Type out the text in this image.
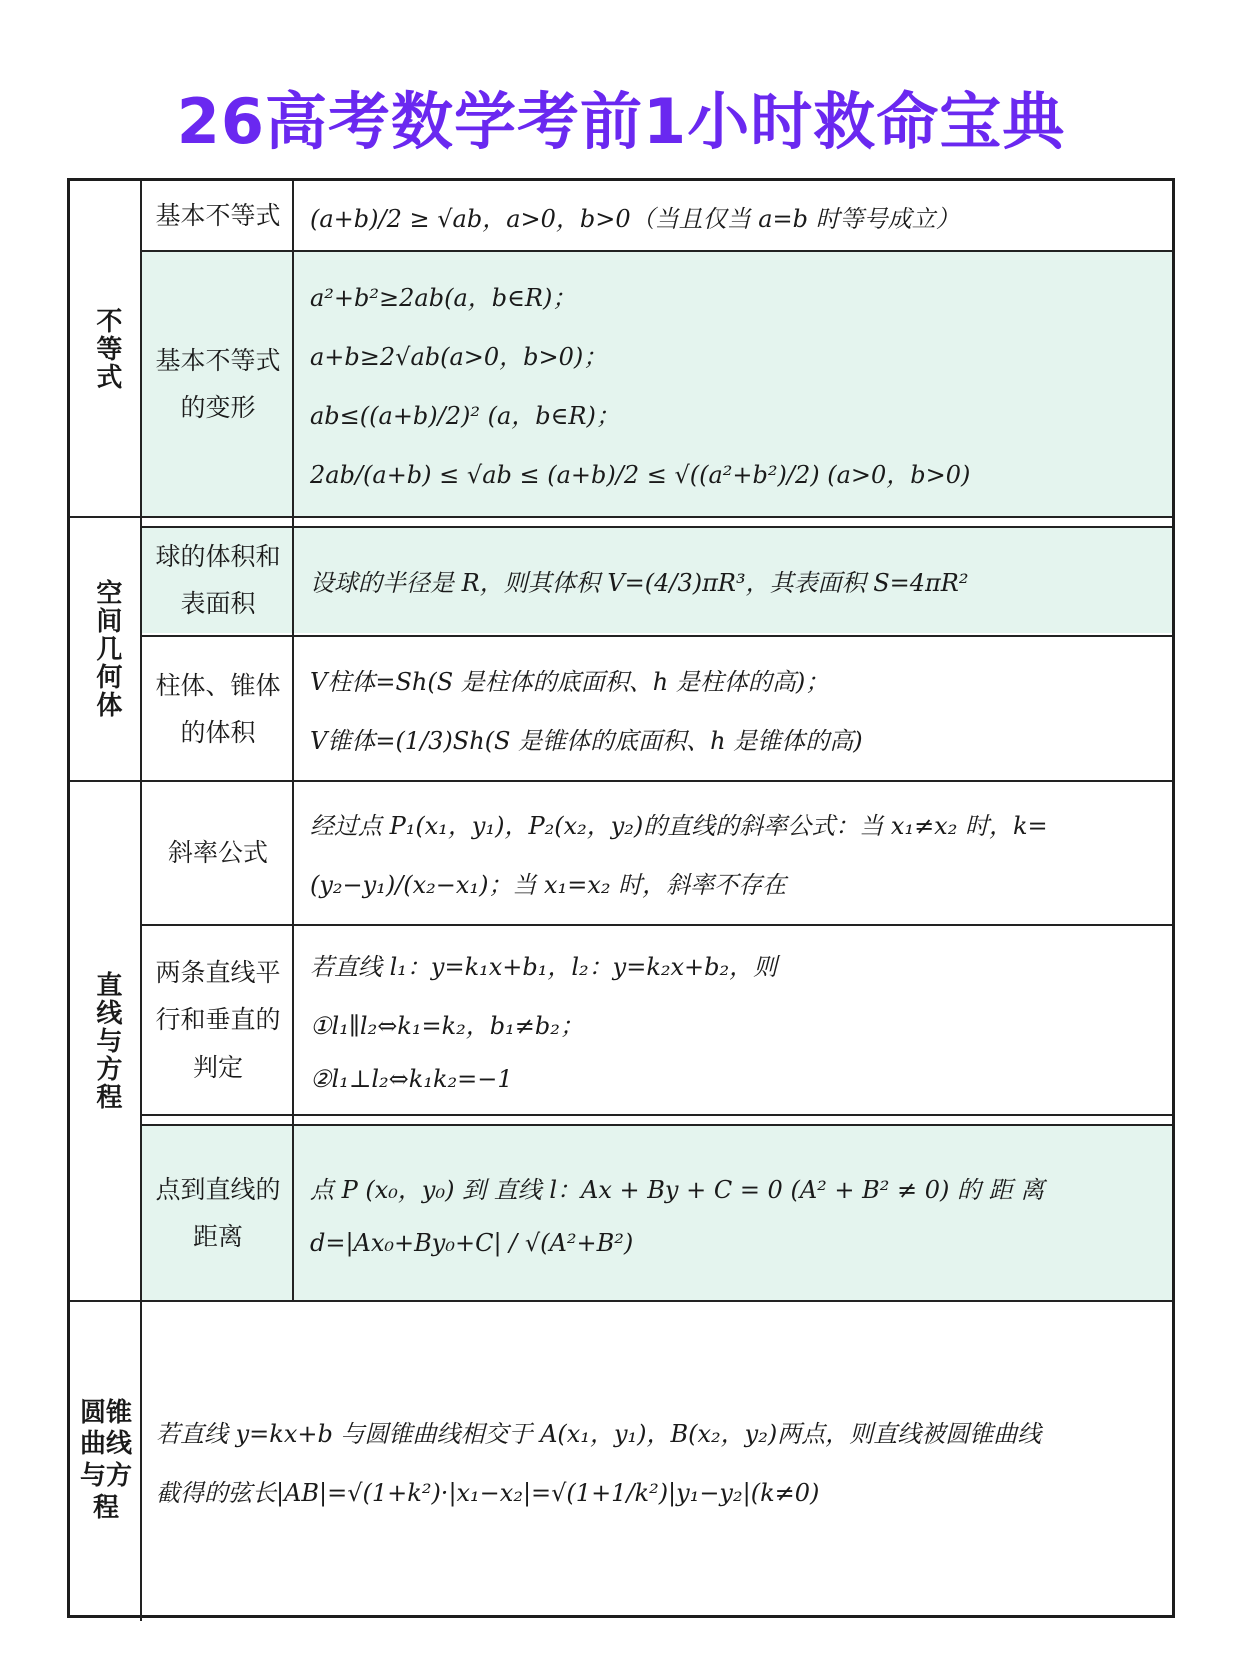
26高考数学考前1小时救命宝典
不等式
空间几何体
直线与方程
圆锥曲线与方程
基本不等式 (a+b)/2 ≥ √ab，a>0，b>0（当且仅当 a=b 时等号成立）
基本不等式的变形
a²+b²≥2ab(a，b∈R)；
a+b≥2√ab(a>0，b>0)；
ab≤((a+b)/2)² (a，b∈R)；
2ab/(a+b) ≤ √ab ≤ (a+b)/2 ≤ √((a²+b²)/2) (a>0，b>0)
球的体积和表面积
设球的半径是 R，则其体积 V=(4/3)πR³，其表面积 S=4πR²
柱体、锥体的体积
V柱体=Sh(S 是柱体的底面积、h 是柱体的高)；
V锥体=(1/3)Sh(S 是锥体的底面积、h 是锥体的高)
斜率公式
经过点 P₁(x₁，y₁)，P₂(x₂，y₂)的直线的斜率公式：当 x₁≠x₂ 时，k=
(y₂−y₁)/(x₂−x₁)；当 x₁=x₂ 时，斜率不存在
两条直线平行和垂直的判定
若直线 l₁：y=k₁x+b₁，l₂：y=k₂x+b₂，则
①l₁∥l₂⇔k₁=k₂，b₁≠b₂；
②l₁⊥l₂⇔k₁k₂=−1
点到直线的距离
点 P (x₀，y₀) 到 直线 l：Ax + By + C = 0 (A² + B² ≠ 0) 的 距 离
d=|Ax₀+By₀+C| / √(A²+B²)
若直线 y=kx+b 与圆锥曲线相交于 A(x₁，y₁)，B(x₂，y₂)两点，则直线被圆锥曲线
截得的弦长|AB|=√(1+k²)·|x₁−x₂|=√(1+1/k²)|y₁−y₂|(k≠0)
